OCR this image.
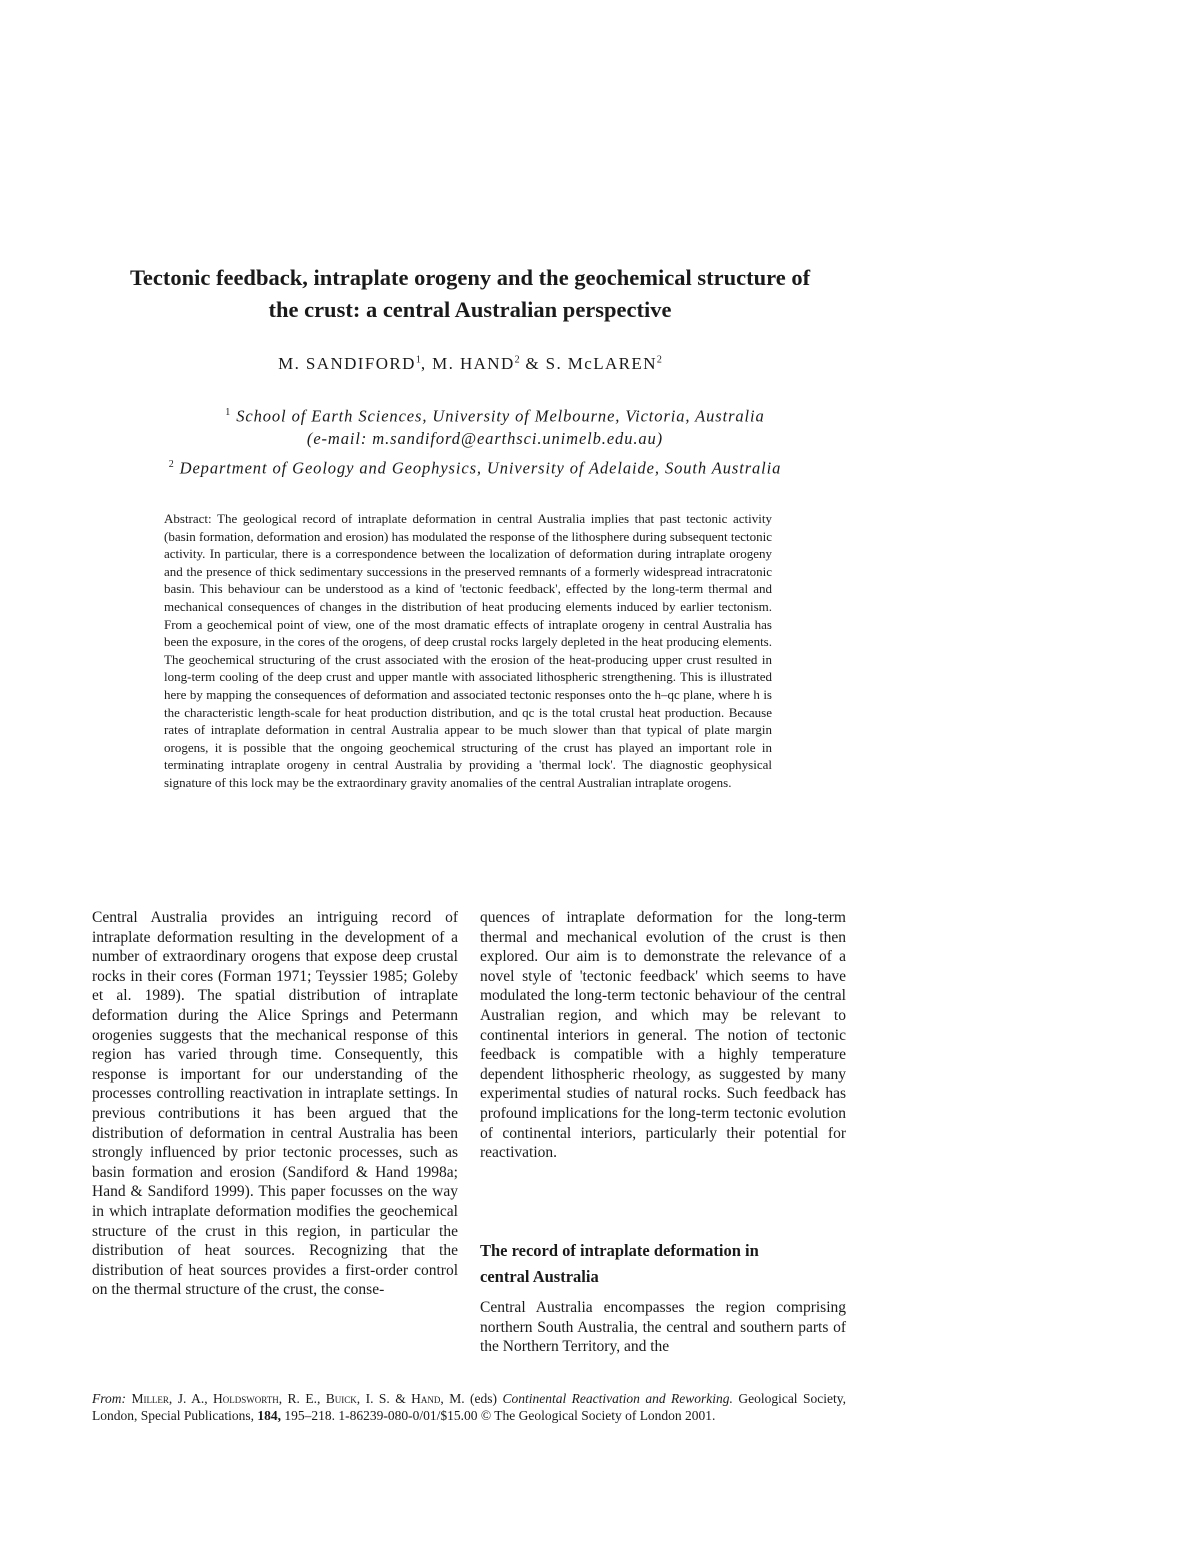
Tectonic feedback, intraplate orogeny and the geochemical structure of
the crust: a central Australian perspective
M. SANDIFORD$^1$, M. HAND$^2$ & S. McLAREN$^2$
$^1$ School of Earth Sciences, University of Melbourne, Victoria, Australia
(e-mail: m.sandiford@earthsci.unimelb.edu.au)
$^2$ Department of Geology and Geophysics, University of Adelaide, South Australia
Abstract: The geological record of intraplate deformation in central Australia implies that past tectonic activity (basin formation, deformation and erosion) has modulated the response of the lithosphere during subsequent tectonic activity. In particular, there is a correspondence between the localization of deformation during intraplate orogeny and the presence of thick sedimentary successions in the preserved remnants of a formerly widespread intracratonic basin. This behaviour can be understood as a kind of 'tectonic feedback', effected by the long-term thermal and mechanical consequences of changes in the distribution of heat producing elements induced by earlier tectonism. From a geochemical point of view, one of the most dramatic effects of intraplate orogeny in central Australia has been the exposure, in the cores of the orogens, of deep crustal rocks largely depleted in the heat producing elements. The geochemical structuring of the crust associated with the erosion of the heat-producing upper crust resulted in long-term cooling of the deep crust and upper mantle with associated lithospheric strengthening. This is illustrated here by mapping the consequences of deformation and associated tectonic responses onto the h–qc plane, where h is the characteristic length-scale for heat production distribution, and qc is the total crustal heat production. Because rates of intraplate deformation in central Australia appear to be much slower than that typical of plate margin orogens, it is possible that the ongoing geochemical structuring of the crust has played an important role in terminating intraplate orogeny in central Australia by providing a 'thermal lock'. The diagnostic geophysical signature of this lock may be the extraordinary gravity anomalies of the central Australian intraplate orogens.
Central Australia provides an intriguing record of intraplate deformation resulting in the development of a number of extraordinary orogens that expose deep crustal rocks in their cores (Forman 1971; Teyssier 1985; Goleby et al. 1989). The spatial distribution of intraplate deformation during the Alice Springs and Petermann orogenies suggests that the mechanical response of this region has varied through time. Consequently, this response is important for our understanding of the processes controlling reactivation in intraplate settings. In previous contributions it has been argued that the distribution of deformation in central Australia has been strongly influenced by prior tectonic processes, such as basin formation and erosion (Sandiford & Hand 1998a; Hand & Sandiford 1999). This paper focusses on the way in which intraplate deformation modifies the geochemical structure of the crust in this region, in particular the distribution of heat sources. Recognizing that the distribution of heat sources provides a first-order control on the thermal structure of the crust, the conse-
quences of intraplate deformation for the long-term thermal and mechanical evolution of the crust is then explored. Our aim is to demonstrate the relevance of a novel style of 'tectonic feedback' which seems to have modulated the long-term tectonic behaviour of the central Australian region, and which may be relevant to continental interiors in general. The notion of tectonic feedback is compatible with a highly temperature dependent lithospheric rheology, as suggested by many experimental studies of natural rocks. Such feedback has profound implications for the long-term tectonic evolution of continental interiors, particularly their potential for reactivation.
The record of intraplate deformation in
central Australia
Central Australia encompasses the region comprising northern South Australia, the central and southern parts of the Northern Territory, and the
From: Miller, J. A., Holdsworth, R. E., Buick, I. S. & Hand, M. (eds) Continental Reactivation and Reworking. Geological Society, London, Special Publications, 184, 195–218. 1-86239-080-0/01/$15.00 © The Geological Society of London 2001.
